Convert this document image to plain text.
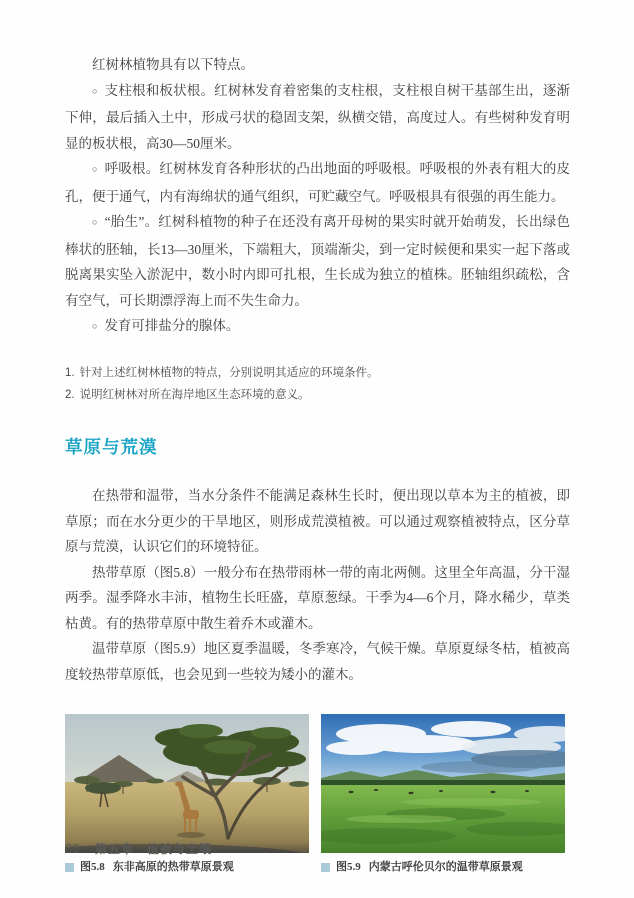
红树林植物具有以下特点。

○ 支柱根和板状根。红树林发育着密集的支柱根，支柱根自树干基部生出，逐渐下伸，最后插入土中，形成弓状的稳固支架，纵横交错，高度过人。有些树种发育明显的板状根，高30—50厘米。

○ 呼吸根。红树林发育各种形状的凸出地面的呼吸根。呼吸根的外表有粗大的皮孔，便于通气，内有海绵状的通气组织，可贮藏空气。呼吸根具有很强的再生能力。

○ “胎生”。红树科植物的种子在还没有离开母树的果实时就开始萌发，长出绿色棒状的胚轴，长13—30厘米，下端粗大，顶端渐尖，到一定时候便和果实一起下落或脱离果实坠入淤泥中，数小时内即可扎根，生长成为独立的植株。胚轴组织疏松，含有空气，可长期漂浮海上而不失生命力。

○ 发育可排盐分的腺体。

1. 针对上述红树林植物的特点，分别说明其适应的环境条件。

2. 说明红树林对所在海岸地区生态环境的意义。

草原与荒漠

在热带和温带，当水分条件不能满足森林生长时，便出现以草本为主的植被，即草原；而在水分更少的干旱地区，则形成荒漠植被。可以通过观察植被特点，区分草原与荒漠，认识它们的环境特征。

热带草原（图5.8）一般分布在热带雨林一带的南北两侧。这里全年高温，分干湿两季。湿季降水丰沛，植物生长旺盛，草原葱绿。干季为4—6个月，降水稀少，草类枯黄。有的热带草原中散生着乔木或灌木。

温带草原（图5.9）地区夏季温暖，冬季寒冷，气候干燥。草原夏绿冬枯，植被高度较热带草原低，也会见到一些较为矮小的灌木。

图5.8 东非高原的热带草原景观	图5.9 内蒙古呼伦贝尔的温带草原景观
86 第五章　植被与土壤
